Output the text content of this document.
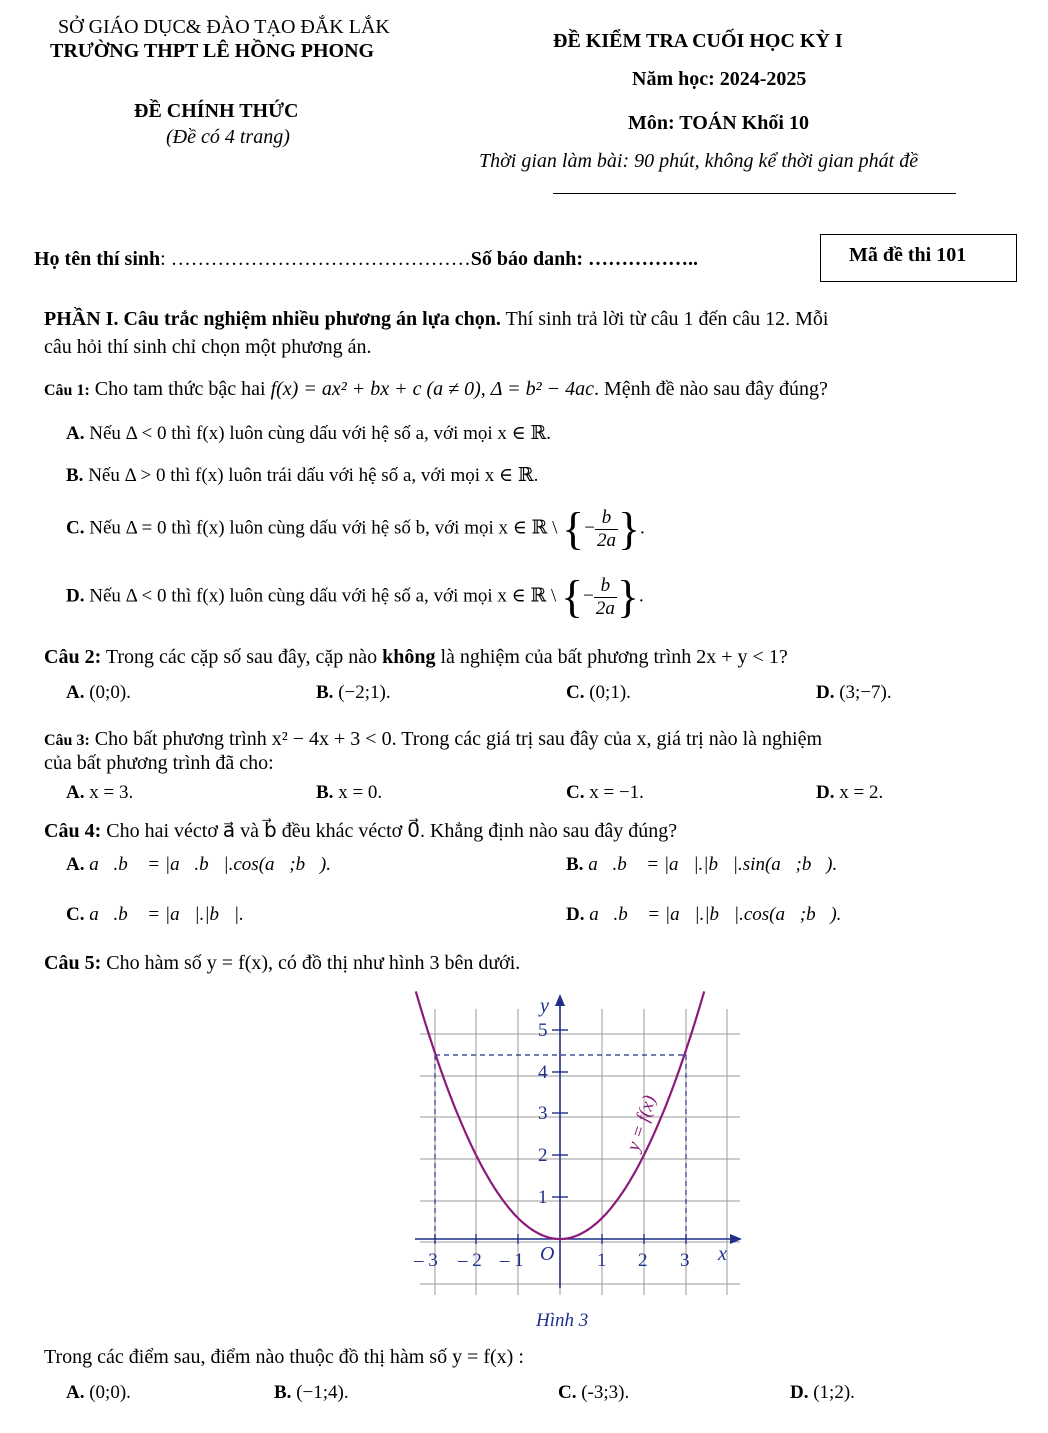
SỞ GIÁO DỤC& ĐÀO TẠO ĐẮK LẮK
TRƯỜNG THPT LÊ HỒNG PHONG
ĐỀ CHÍNH THỨC
(Đề có 4 trang)
ĐỀ KIỂM TRA CUỐI HỌC KỲ I
Năm học: 2024-2025
Môn: TOÁN Khối 10
Thời gian làm bài: 90 phút, không kể thời gian phát đề
Họ tên thí sinh: ………………………………………Số báo danh: ……………..	Mã đề thi 101
PHẦN I. Câu trắc nghiệm nhiều phương án lựa chọn. Thí sinh trả lời từ câu 1 đến câu 12. Mỗi
câu hỏi thí sinh chỉ chọn một phương án.
Câu 1: Cho tam thức bậc hai f(x) = ax² + bx + c (a ≠ 0), Δ = b² − 4ac. Mệnh đề nào sau đây đúng?
A. Nếu Δ < 0 thì f(x) luôn cùng dấu với hệ số a, với mọi x ∈ ℝ.
B. Nếu Δ > 0 thì f(x) luôn trái dấu với hệ số a, với mọi x ∈ ℝ.
C. Nếu Δ = 0 thì f(x) luôn cùng dấu với hệ số b, với mọi x ∈ ℝ \ {− $\frac{b}{2a}$ }.
D. Nếu Δ < 0 thì f(x) luôn cùng dấu với hệ số a, với mọi x ∈ ℝ \ {− $\frac{b}{2a}$ }.
Câu 2: Trong các cặp số sau đây, cặp nào không là nghiệm của bất phương trình 2x + y < 1?
A. (0;0).	B. (−2;1).	C. (0;1).	D. (3;−7).
Câu 3: Cho bất phương trình x² − 4x + 3 < 0. Trong các giá trị sau đây của x, giá trị nào là nghiệm
của bất phương trình đã cho:
A. x = 3.	B. x = 0.	C. x = −1.	D. x = 2.
Câu 4: Cho hai véctơ a⃗ và b⃗ đều khác véctơ 0⃗. Khẳng định nào sau đây đúng?
A. a⃗.b⃗ = |a⃗.b⃗|.cos(a⃗;b⃗).	B. a⃗.b⃗ = |a⃗|.|b⃗|.sin(a⃗;b⃗).
C. a⃗.b⃗ = |a⃗|.|b⃗|.	D. a⃗.b⃗ = |a⃗|.|b⃗|.cos(a⃗;b⃗).
Câu 5: Cho hàm số y = f(x), có đồ thị như hình 3 bên dưới.
y
x
O
– 3 – 2 – 1	1 2 3
1
2
3
4
5
y = f(x)
Hình 3
Trong các điểm sau, điểm nào thuộc đồ thị hàm số y = f(x) :
A. (0;0).	B. (−1;4).	C. (-3;3).	D. (1;2).
